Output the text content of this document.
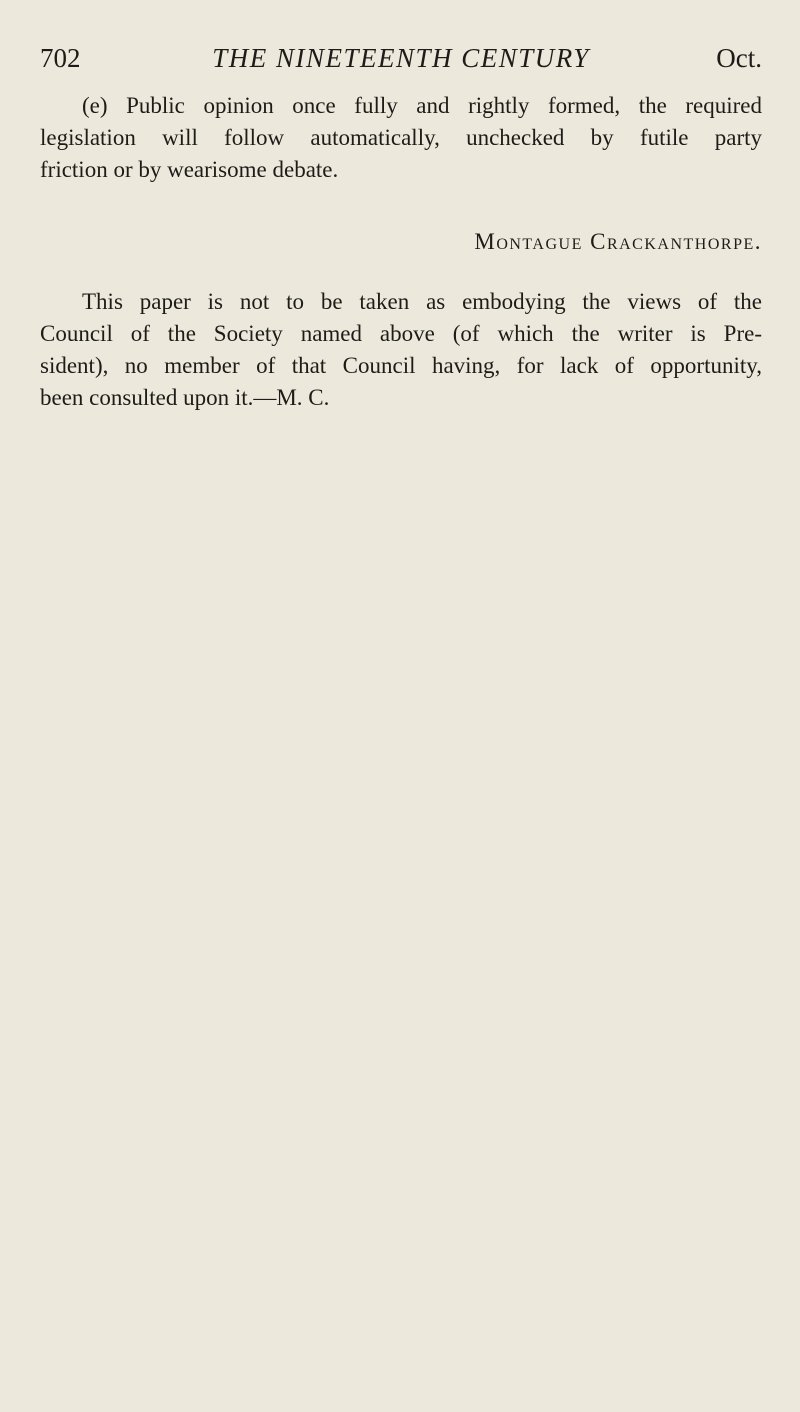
702	THE NINETEENTH CENTURY	Oct.

(e) Public opinion once fully and rightly formed, the required
legislation will follow automatically, unchecked by futile party
friction or by wearisome debate.

Montague Crackanthorpe.

This paper is not to be taken as embodying the views of the
Council of the Society named above (of which the writer is Pre-
sident), no member of that Council having, for lack of opportunity,
been consulted upon it.—M. C.
